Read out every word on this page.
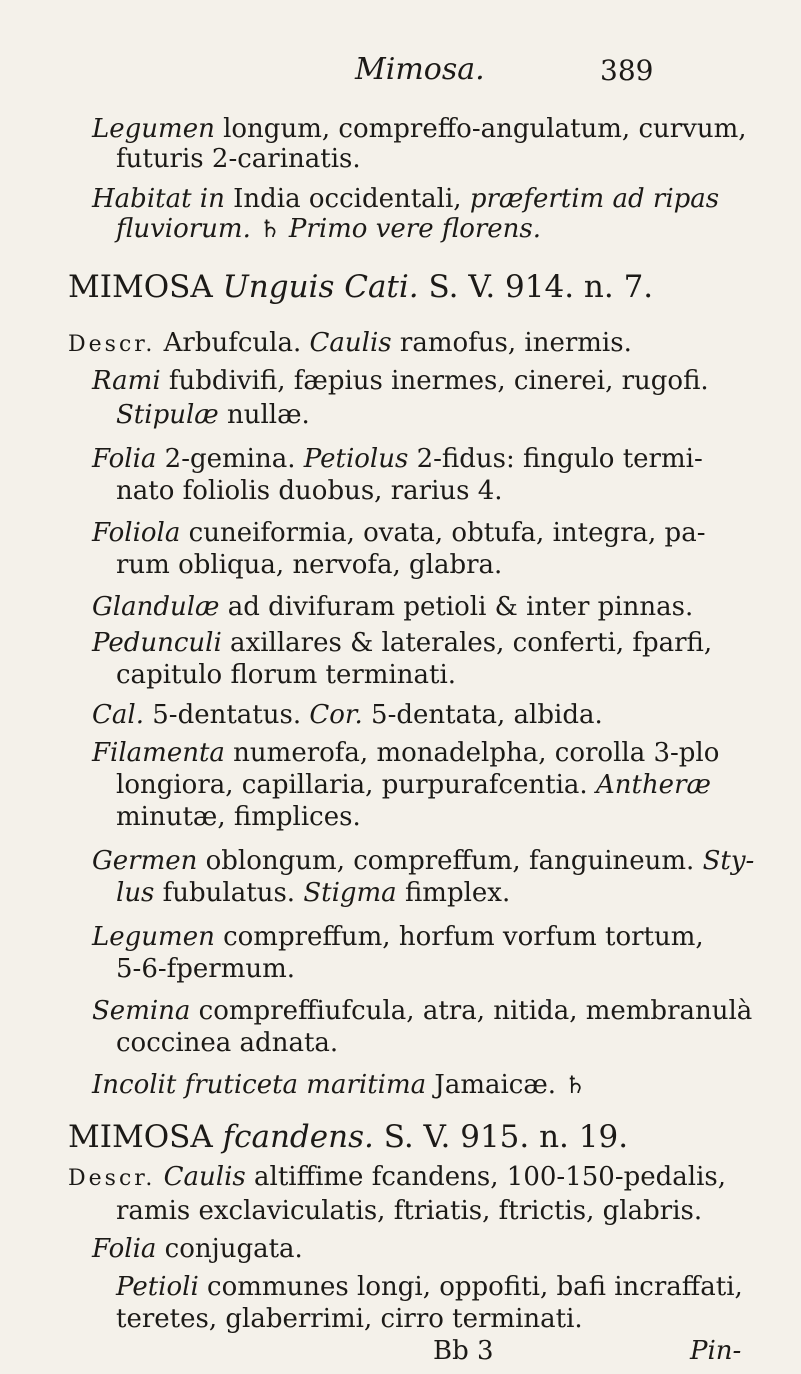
Mimosa.	389
Legumen longum, compreffo-angulatum, curvum,
futuris 2-carinatis.
Habitat in India occidentali, præfertim ad ripas
fluviorum. ♄ Primo vere florens.
MIMOSA Unguis Cati. S. V. 914. n. 7.
Descr. Arbufcula. Caulis ramofus, inermis.
Rami fubdivifi, fæpius inermes, cinerei, rugofi.
Stipulæ nullæ.
Folia 2-gemina. Petiolus 2-fidus: fingulo termi-
nato foliolis duobus, rarius 4.
Foliola cuneiformia, ovata, obtufa, integra, pa-
rum obliqua, nervofa, glabra.
Glandulæ ad divifuram petioli & inter pinnas.
Pedunculi axillares & laterales, conferti, fparfi,
capitulo florum terminati.
Cal. 5-dentatus. Cor. 5-dentata, albida.
Filamenta numerofa, monadelpha, corolla 3-plo
longiora, capillaria, purpurafcentia. Antheræ
minutæ, fimplices.
Germen oblongum, compreffum, fanguineum. Sty-
lus fubulatus. Stigma fimplex.
Legumen compreffum, horfum vorfum tortum,
5-6-fpermum.
Semina compreffiufcula, atra, nitida, membranulà
coccinea adnata.
Incolit fruticeta maritima Jamaicæ. ♄
MIMOSA fcandens. S. V. 915. n. 19.
Descr. Caulis altiffime fcandens, 100-150-pedalis,
ramis exclaviculatis, ftriatis, ftrictis, glabris.
Folia conjugata.
Petioli communes longi, oppofiti, bafi incraffati,
teretes, glaberrimi, cirro terminati.
Bb 3	Pin-
